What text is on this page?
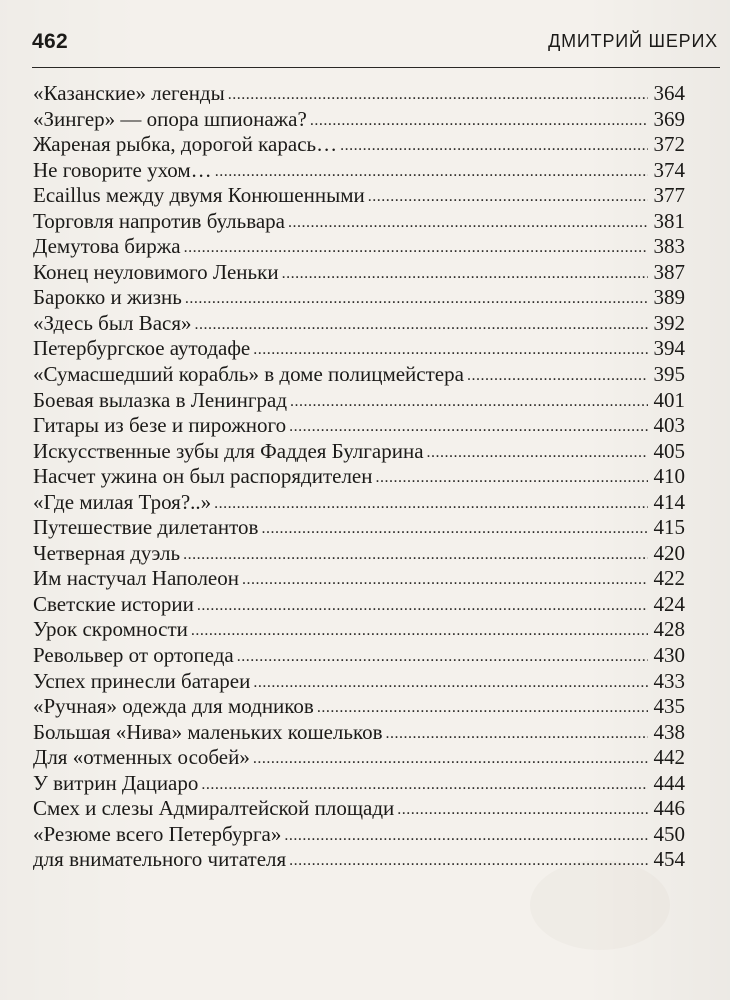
462	ДМИТРИЙ ШЕРИХ
«Казанские» легенды .....	364
«Зингер» — опора шпионажа? .....	369
Жареная рыбка, дорогой карась… .....	372
Не говорите ухом… .....	374
Ecaillus между двумя Конюшенными .....	377
Торговля напротив бульвара .....	381
Демутова биржа .....	383
Конец неуловимого Леньки .....	387
Барокко и жизнь .....	389
«Здесь был Вася» .....	392
Петербургское аутодафе .....	394
«Сумасшедший корабль» в доме полицмейстера .....	395
Боевая вылазка в Ленинград .....	401
Гитары из безе и пирожного .....	403
Искусственные зубы для Фаддея Булгарина .....	405
Насчет ужина он был распорядителен .....	410
«Где милая Троя?..» .....	414
Путешествие дилетантов .....	415
Четверная дуэль .....	420
Им настучал Наполеон .....	422
Светские истории .....	424
Урок скромности .....	428
Револьвер от ортопеда .....	430
Успех принесли батареи .....	433
«Ручная» одежда для модников .....	435
Большая «Нива» маленьких кошельков .....	438
Для «отменных особей» .....	442
У витрин Дациаро .....	444
Смех и слезы Адмиралтейской площади .....	446
«Резюме всего Петербурга» .....	450
для внимательного читателя .....	454
